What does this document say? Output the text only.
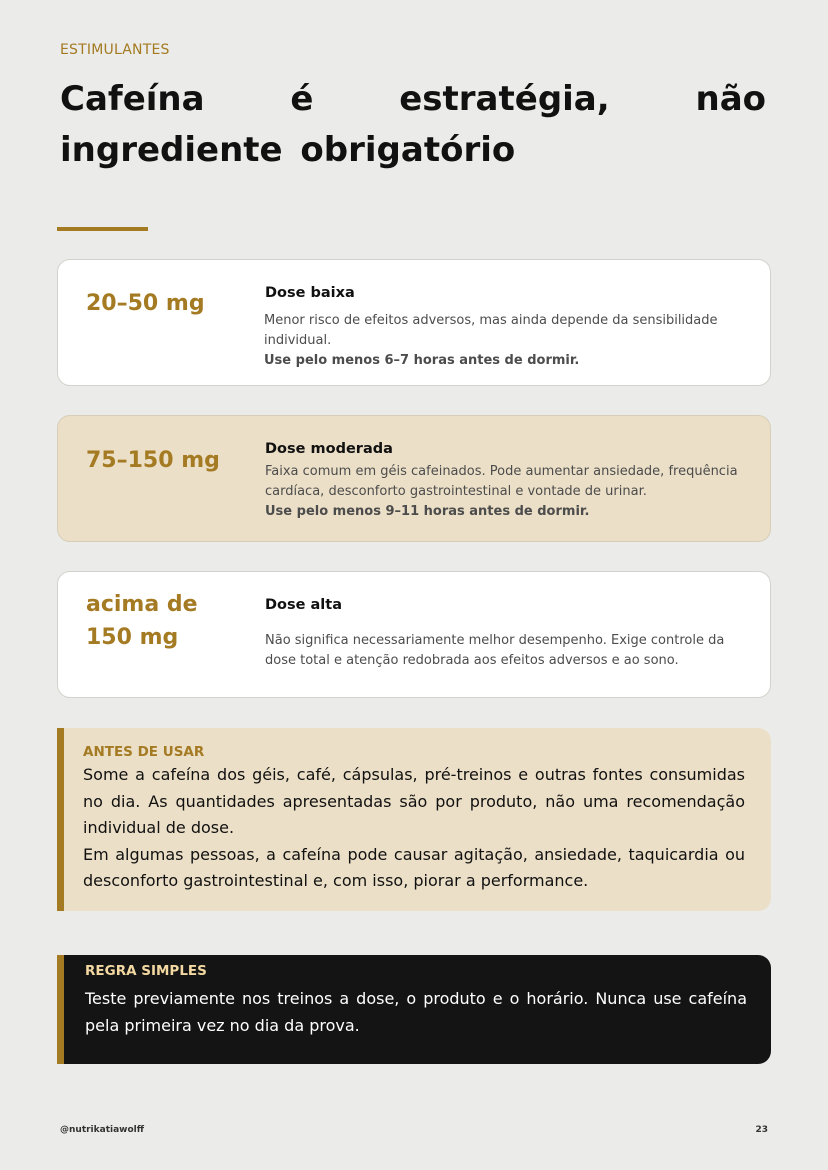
ESTIMULANTES
Cafeína é estratégia, não ingrediente obrigatório
20–50 mg	Dose baixa
Menor risco de efeitos adversos, mas ainda depende da sensibilidade individual.
Use pelo menos 6–7 horas antes de dormir.
75–150 mg	Dose moderada
Faixa comum em géis cafeinados. Pode aumentar ansiedade, frequência cardíaca, desconforto gastrointestinal e vontade de urinar.
Use pelo menos 9–11 horas antes de dormir.
acima de
150 mg
Dose alta
Não significa necessariamente melhor desempenho. Exige controle da dose total e atenção redobrada aos efeitos adversos e ao sono.
ANTES DE USAR

Some a cafeína dos géis, café, cápsulas, pré-treinos e outras fontes consumidas no dia. As quantidades apresentadas são por produto, não uma recomendação individual de dose.

Em algumas pessoas, a cafeína pode causar agitação, ansiedade, taquicardia ou desconforto gastrointestinal e, com isso, piorar a performance.

REGRA SIMPLES
Teste previamente nos treinos a dose, o produto e o horário. Nunca use cafeína pela primeira vez no dia da prova.
@nutrikatiawolff	23
